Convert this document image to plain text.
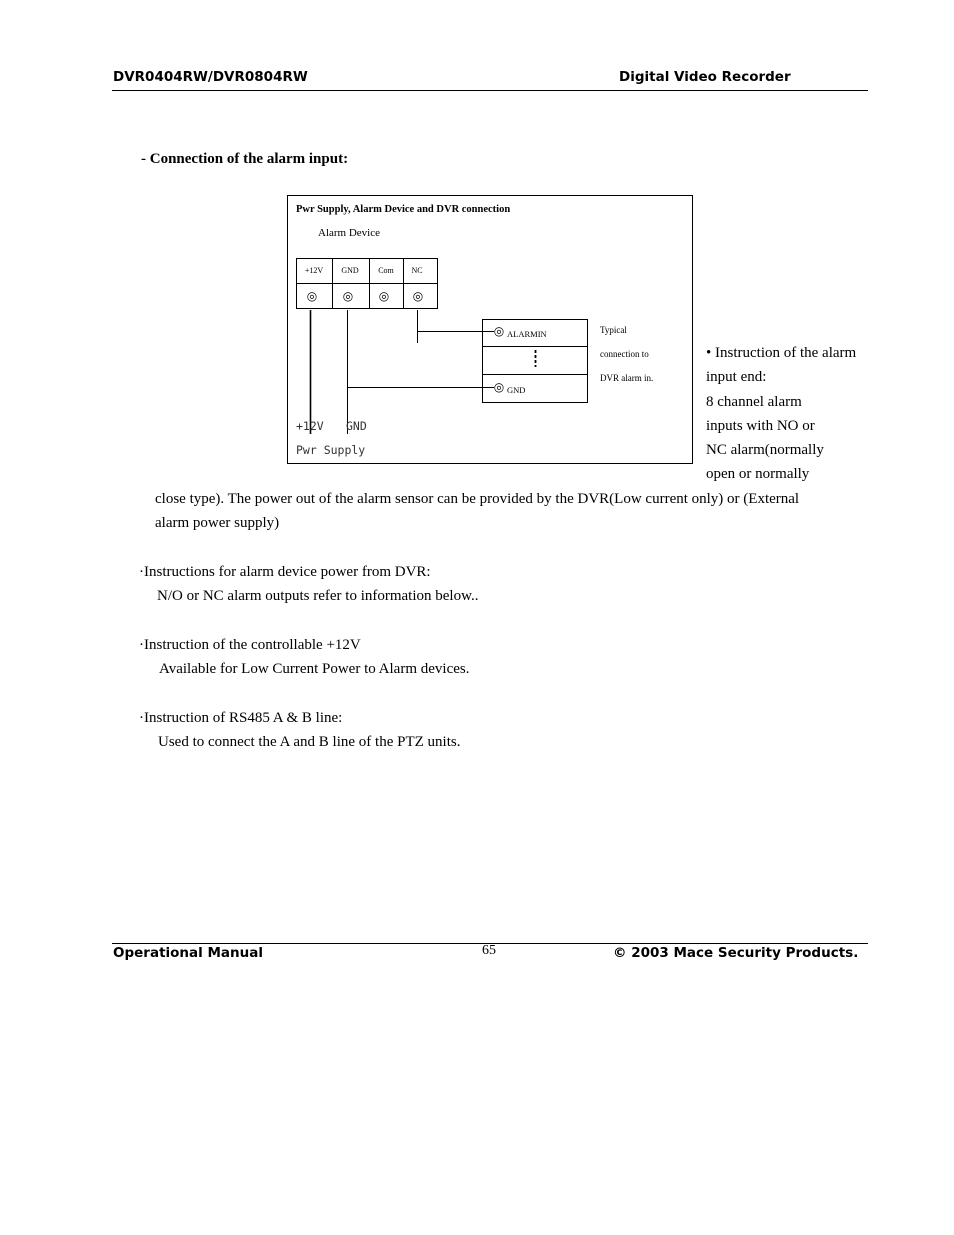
DVR0404RW/DVR0804RW	Digital Video Recorder
- Connection of the alarm input:
Pwr Supply, Alarm Device and DVR connection
Alarm Device
+12V GND Com NC
◎ ◎ ◎ ◎
◎ ALARMIN
◎ GND
Typical
connection to
DVR alarm in.
+12V GND
Pwr Supply
• Instruction of the alarm
input end:
8 channel alarm
inputs with NO or
NC alarm(normally
open or normally
close type). The power out of the alarm sensor can be provided by the DVR(Low current only) or (External
alarm power supply)
·Instructions for alarm device power from DVR:
N/O or NC alarm outputs refer to information below..
·Instruction of the controllable +12V
Available for Low Current Power to Alarm devices.
·Instruction of RS485 A & B line:
Used to connect the A and B line of the PTZ units.
Operational Manual	65	© 2003 Mace Security Products.
